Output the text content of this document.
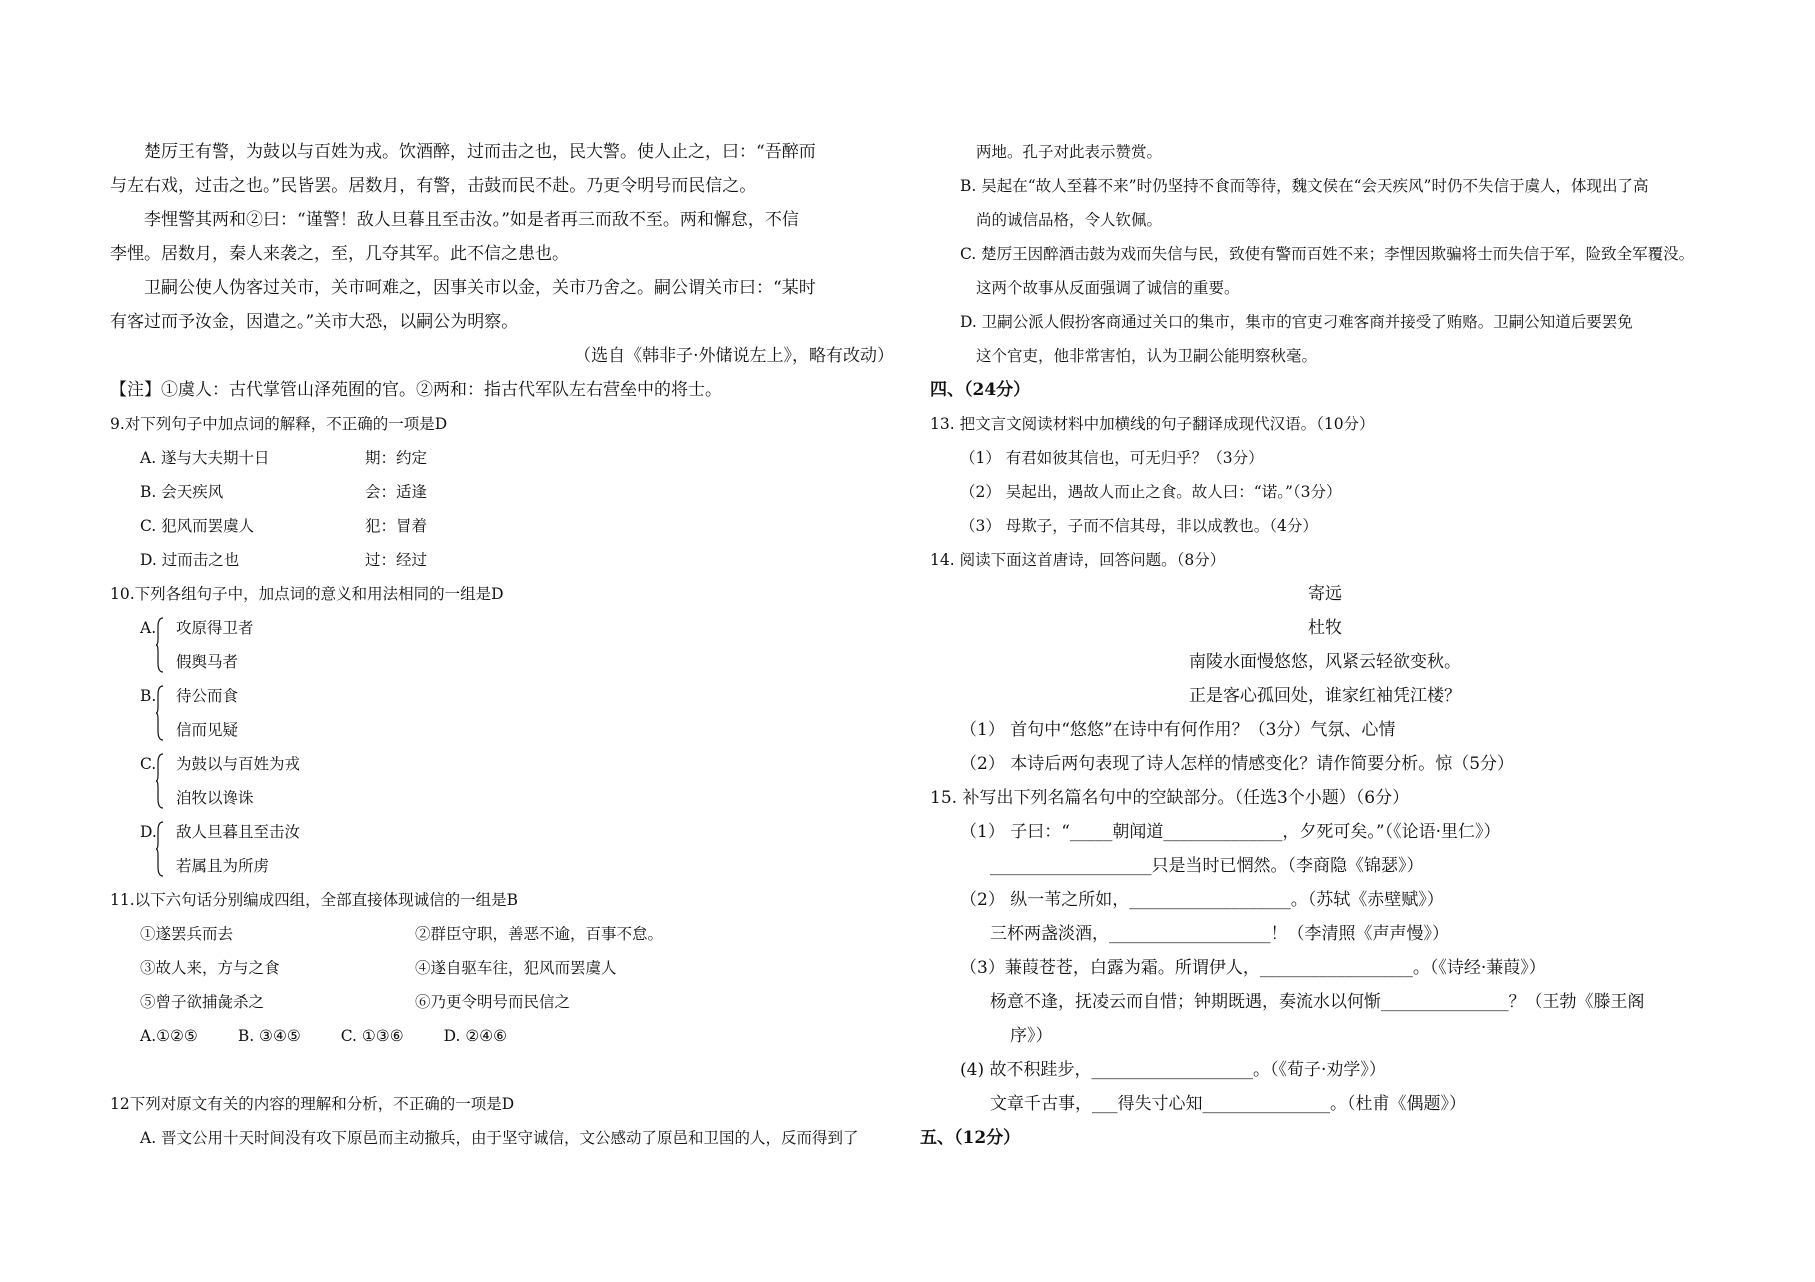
楚厉王有警，为鼓以与百姓为戎。饮酒醉，过而击之也，民大警。使人止之，曰：“吾醉而

与左右戏，过击之也。”民皆罢。居数月，有警，击鼓而民不赴。乃更令明号而民信之。

李悝警其两和②曰：“谨警！敌人旦暮且至击汝。”如是者再三而敌不至。两和懈怠，不信

李悝。居数月，秦人来袭之，至，几夺其军。此不信之患也。

卫嗣公使人伪客过关市，关市呵难之，因事关市以金，关市乃舍之。嗣公谓关市曰：“某时

有客过而予汝金，因遣之。”关市大恐，以嗣公为明察。

（选自《韩非子·外储说左上》，略有改动）

【注】①虞人：古代掌管山泽苑囿的官。②两和：指古代军队左右营垒中的将士。

9.对下列句子中加点词的解释，不正确的一项是D

A. 遂与大夫期十日	期：约定

B. 会天疾风	会：适逢

C. 犯风而罢虞人	犯：冒着

D. 过而击之也	过：经过

10.下列各组句子中，加点词的意义和用法相同的一组是D

A.	攻原得卫者
假舆马者
B.	待公而食
信而见疑
C.	为鼓以与百姓为戎
洎牧以谗诛
D.	敌人旦暮且至击汝
若属且为所虏

11.以下六句话分别编成四组，全部直接体现诚信的一组是B

①遂罢兵而去	②群臣守职，善恶不逾，百事不怠。

③故人来，方与之食	④遂自驱车往，犯风而罢虞人

⑤曾子欲捕彘杀之	⑥乃更令明号而民信之

A.①②⑤	B. ③④⑤	C. ①③⑥	D. ②④⑥

12下列对原文有关的内容的理解和分析，不正确的一项是D

A. 晋文公用十天时间没有攻下原邑而主动撤兵，由于坚守诚信，文公感动了原邑和卫国的人，反而得到了

两地。孔子对此表示赞赏。

B. 吴起在“故人至暮不来”时仍坚持不食而等待，魏文侯在“会天疾风”时仍不失信于虞人，体现出了高

尚的诚信品格，令人钦佩。

C. 楚厉王因醉酒击鼓为戏而失信与民，致使有警而百姓不来；李悝因欺骗将士而失信于军，险致全军覆没。

这两个故事从反面强调了诚信的重要。

D. 卫嗣公派人假扮客商通过关口的集市，集市的官吏刁难客商并接受了贿赂。卫嗣公知道后要罢免

这个官吏，他非常害怕，认为卫嗣公能明察秋毫。

四、（24分）

13. 把文言文阅读材料中加横线的句子翻译成现代汉语。（10分）

（1） 有君如彼其信也，可无归乎？（3分）

（2） 吴起出，遇故人而止之食。故人曰：“诺。”（3分）

（3） 母欺子，子而不信其母，非以成教也。（4分）

14. 阅读下面这首唐诗，回答问题。（8分）

寄远

杜牧

南陵水面慢悠悠，风紧云轻欲变秋。

正是客心孤回处，谁家红袖凭江楼？

（1） 首句中“悠悠”在诗中有何作用？（3分）气氛、心情

（2） 本诗后两句表现了诗人怎样的情感变化？请作简要分析。惊（5分）

15. 补写出下列名篇名句中的空缺部分。（任选3个小题）（6分）

（1） 子曰：“_____朝闻道______________，夕死可矣。”（《论语·里仁》）

___________________只是当时已惘然。（李商隐《锦瑟》）

（2） 纵一苇之所如，___________________。（苏轼《赤壁赋》）

三杯两盏淡酒，___________________！（李清照《声声慢》）

（3）蒹葭苍苍，白露为霜。所谓伊人，__________________。（《诗经·蒹葭》）

杨意不逢，抚凌云而自惜；钟期既遇，奏流水以何惭_______________？（王勃《滕王阁

序》）

(4) 故不积跬步，___________________。（《荀子·劝学》）

文章千古事，___得失寸心知_______________。（杜甫《偶题》）

五、（12分）
